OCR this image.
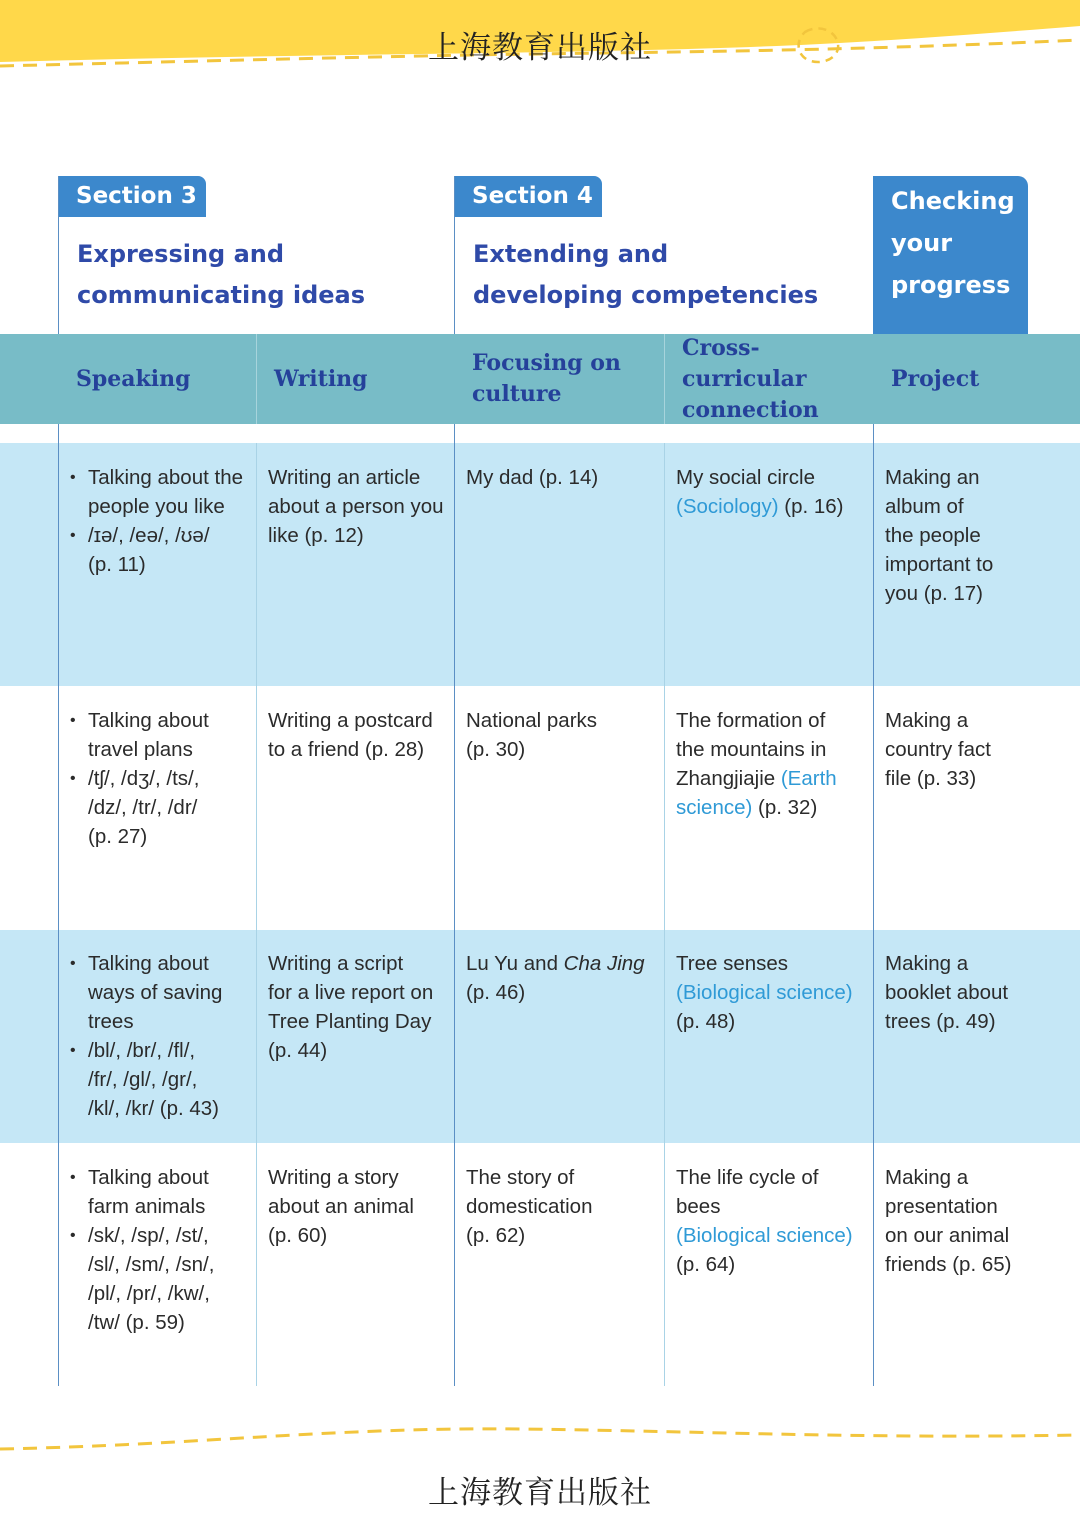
上海教育出版社
Section 3
Expressing and
communicating ideas
Section 4
Extending and
developing competencies
Checking
your
progress
Speaking	Writing
Focusing on
culture
Cross-curricular
connection
Project
• Talking about the
people you like
• /ɪə/, /eə/, /ʊə/
(p. 11)
Writing an article
about a person you
like (p. 12)
My dad (p. 14)	My social circle
(Sociology) (p. 16)
Making an
album of
the people
important to
you (p. 17)
• Talking about
travel plans
• /tʃ/, /dʒ/, /ts/,
/dz/, /tr/, /dr/
(p. 27)
Writing a postcard
to a friend (p. 28)
National parks
(p. 30)
The formation of
the mountains in
Zhangjiajie (Earth
science) (p. 32)
Making a
country fact
file (p. 33)
• Talking about
ways of saving
trees
• /bl/, /br/, /fl/,
/fr/, /gl/, /gr/,
/kl/, /kr/ (p. 43)
Writing a script
for a live report on
Tree Planting Day
(p. 44)
Lu Yu and Cha Jing
(p. 46)
Tree senses
(Biological science)
(p. 48)
Making a
booklet about
trees (p. 49)
• Talking about
farm animals
• /sk/, /sp/, /st/,
/sl/, /sm/, /sn/,
/pl/, /pr/, /kw/,
/tw/ (p. 59)
Writing a story
about an animal
(p. 60)
The story of
domestication
(p. 62)
The life cycle of bees
(Biological science)
(p. 64)
Making a
presentation
on our animal
friends (p. 65)
上海教育出版社
